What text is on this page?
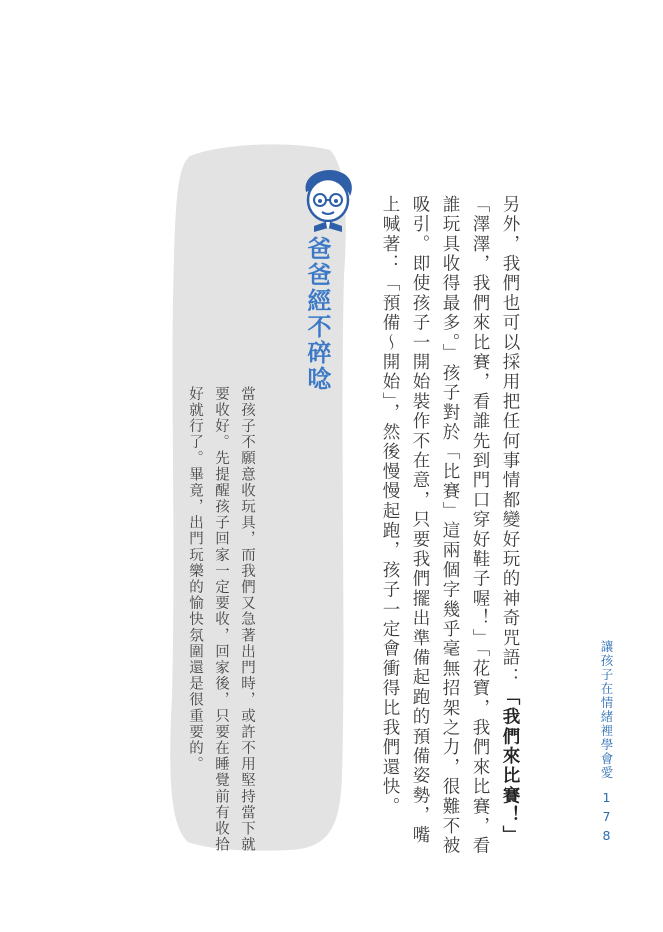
另外，我們也可以採用把任何事情都變好玩的神奇咒語：「我們來比賽！」

「澤澤，我們來比賽，看誰先到門口穿好鞋子喔！」「花寶，我們來比賽，看誰玩具收得最多。」孩子對於「比賽」這兩個字幾乎毫無招架之力，很難不被吸引。即使孩子一開始裝作不在意，只要我們擺出準備起跑的預備姿勢，嘴上喊著：「預備～開始」，然後慢慢起跑，孩子一定會衝得比我們還快。	讓孩子在情緒裡學會愛
178

當孩子不願意收玩具，而我們又急著出門時，或許不用堅持當下就要收好。先提醒孩子回家一定要收，回家後，只要在睡覺前有收拾好就行了。畢竟，出門玩樂的愉快氛圍還是很重要的。

爸爸經不碎唸
